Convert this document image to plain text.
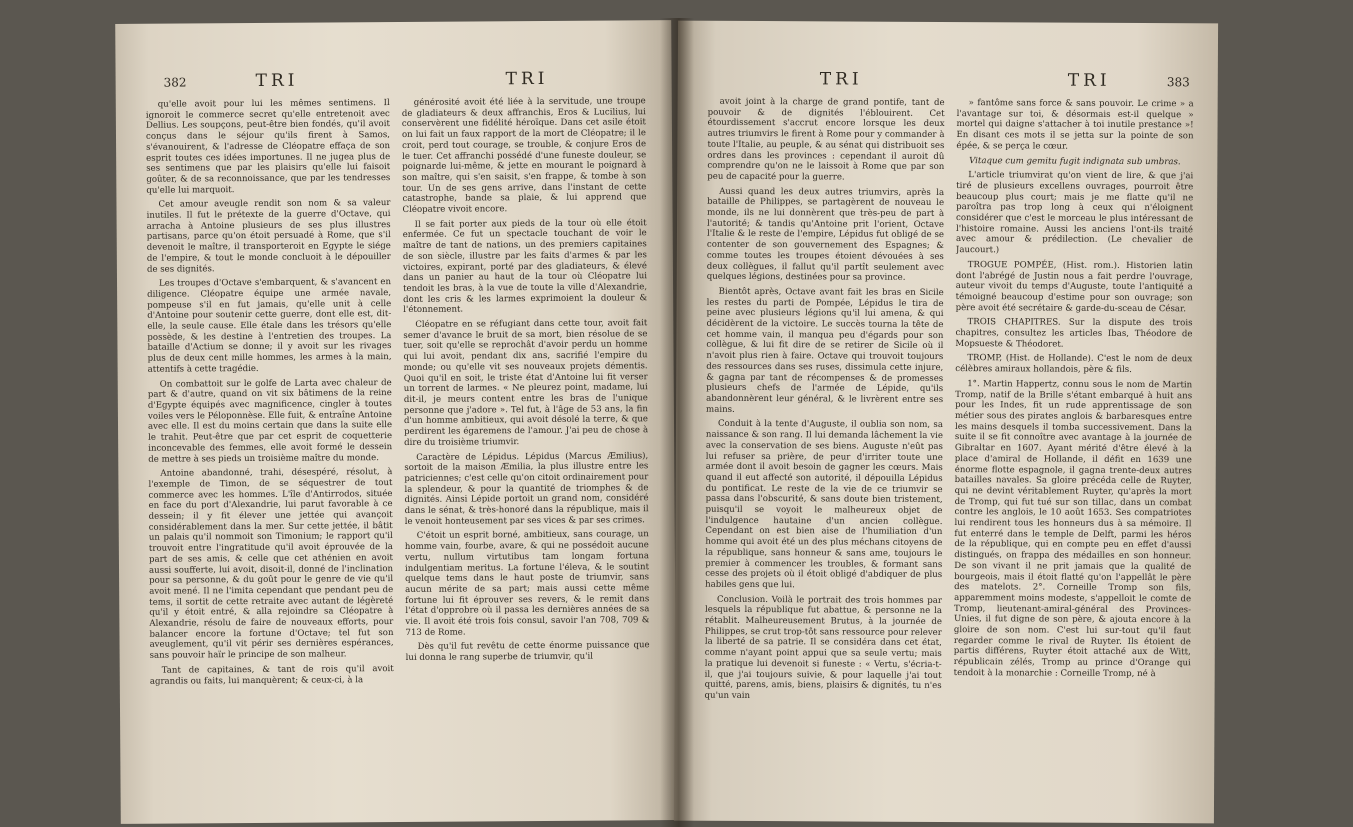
382	TRI	TRI

qu'elle avoit pour lui les mêmes sentimens. Il ignoroit le commerce secret qu'elle entretenoit avec Dellius. Les soupçons, peut-être bien fondés, qu'il avoit conçus dans le séjour qu'ils firent à Samos, s'évanouirent, & l'adresse de Cléopatre effaça de son esprit toutes ces idées importunes. Il ne jugea plus de ses sentimens que par les plaisirs qu'elle lui faisoit goûter, & de sa reconnoissance, que par les tendresses qu'elle lui marquoit.

Cet amour aveugle rendit son nom & sa valeur inutiles. Il fut le prétexte de la guerre d'Octave, qui arracha à Antoine plusieurs de ses plus illustres partisans, parce qu'on étoit persuadé à Rome, que s'il devenoit le maître, il transporteroit en Egypte le siége de l'empire, & tout le monde concluoit à le dépouiller de ses dignités.

Les troupes d'Octave s'embarquent, & s'avancent en diligence. Cléopatre équipe une armée navale, pompeuse s'il en fut jamais, qu'elle unit à celle d'Antoine pour soutenir cette guerre, dont elle est, dit-elle, la seule cause. Elle étale dans les trésors qu'elle possède, & les destine à l'entretien des troupes. La bataille d'Actium se donne; il y avoit sur les rivages plus de deux cent mille hommes, les armes à la main, attentifs à cette tragédie.

On combattoit sur le golfe de Larta avec chaleur de part & d'autre, quand on vit six bâtimens de la reine d'Egypte équipés avec magnificence, cingler à toutes voiles vers le Péloponnèse. Elle fuit, & entraîne Antoine avec elle. Il est du moins certain que dans la suite elle le trahit. Peut-être que par cet esprit de coquetterie inconcevable des femmes, elle avoit formé le dessein de mettre à ses pieds un troisième maître du monde.

Antoine abandonné, trahi, désespéré, résolut, à l'exemple de Timon, de se séquestrer de tout commerce avec les hommes. L'île d'Antirrodos, située en face du port d'Alexandrie, lui parut favorable à ce dessein; il y fit élever une jettée qui avançoit considérablement dans la mer. Sur cette jettée, il bâtit un palais qu'il nommoit son Timonium; le rapport qu'il trouvoit entre l'ingratitude qu'il avoit éprouvée de la part de ses amis, & celle que cet athénien en avoit aussi soufferte, lui avoit, disoit-il, donné de l'inclination pour sa personne, & du goût pour le genre de vie qu'il avoit mené. Il ne l'imita cependant que pendant peu de tems, il sortit de cette retraite avec autant de légèreté qu'il y étoit entré, & alla rejoindre sa Cléopatre à Alexandrie, résolu de faire de nouveaux efforts, pour balancer encore la fortune d'Octave; tel fut son aveuglement, qu'il vit périr ses dernières espérances, sans pouvoir haïr le principe de son malheur.

Tant de capitaines, & tant de rois qu'il avoit agrandis ou faits, lui manquèrent; & ceux-ci, à la

générosité avoit été liée à la servitude, une troupe de gladiateurs & deux affranchis, Eros & Lucilius, lui conservèrent une fidélité héroïque. Dans cet asile étoit on lui fait un faux rapport de la mort de Cléopatre; il le croit, perd tout courage, se trouble, & conjure Eros de le tuer. Cet affranchi possédé d'une funeste douleur, se poignarde lui-même, & jette en mourant le poignard à son maître, qui s'en saisit, s'en frappe, & tombe à son tour. Un de ses gens arrive, dans l'instant de cette catastrophe, bande sa plaie, & lui apprend que Cléopatre vivoit encore.

Il se fait porter aux pieds de la tour où elle étoit enfermée. Ce fut un spectacle touchant de voir le maître de tant de nations, un des premiers capitaines de son siècle, illustre par les faits d'armes & par les victoires, expirant, porté par des gladiateurs, & élevé dans un panier au haut de la tour où Cléopatre lui tendoit les bras, à la vue de toute la ville d'Alexandrie, dont les cris & les larmes exprimoient la douleur & l'étonnement.

Cléopatre en se réfugiant dans cette tour, avoit fait semer d'avance le bruit de sa mort, bien résolue de se tuer, soit qu'elle se reprochât d'avoir perdu un homme qui lui avoit, pendant dix ans, sacrifié l'empire du monde; ou qu'elle vit ses nouveaux projets démentis. Quoi qu'il en soit, le triste état d'Antoine lui fit verser un torrent de larmes. « Ne pleurez point, madame, lui dit-il, je meurs content entre les bras de l'unique personne que j'adore ». Tel fut, à l'âge de 53 ans, la fin d'un homme ambitieux, qui avoit désolé la terre, & que perdirent les égaremens de l'amour. J'ai peu de chose à dire du troisième triumvir.

Caractère de Lépidus. Lépidus (Marcus Æmilius), sortoit de la maison Æmilia, la plus illustre entre les patriciennes; c'est celle qu'on citoit ordinairement pour la splendeur, & pour la quantité de triomphes & de dignités. Ainsi Lépide portoit un grand nom, considéré dans le sénat, & très-honoré dans la république, mais il le venoit honteusement par ses vices & par ses crimes.

C'étoit un esprit borné, ambitieux, sans courage, un homme vain, fourbe, avare, & qui ne possédoit aucune vertu, nullum virtutibus tam longam fortuna indulgentiam meritus. La fortune l'éleva, & le soutint quelque tems dans le haut poste de triumvir, sans aucun mérite de sa part; mais aussi cette même fortune lui fit éprouver ses revers, & le remit dans l'état d'opprobre où il passa les dernières années de sa vie. Il avoit été trois fois consul, savoir l'an 708, 709 & 713 de Rome.

Dès qu'il fut revêtu de cette énorme puissance que lui donna le rang superbe de triumvir, qu'il

TRI	TRI	383

avoit joint à la charge de grand pontife, tant de pouvoir & de dignités l'éblouirent. Cet étourdissement s'accrut encore lorsque les deux autres triumvirs le firent à Rome pour y commander à toute l'Italie, au peuple, & au sénat qui distribuoit ses ordres dans les provinces : cependant il auroit dû comprendre qu'on ne le laissoit à Rome que par son peu de capacité pour la guerre.

Aussi quand les deux autres triumvirs, après la bataille de Philippes, se partagèrent de nouveau le monde, ils ne lui donnèrent que très-peu de part à l'autorité; & tandis qu'Antoine prit l'orient, Octave l'Italie & le reste de l'empire, Lépidus fut obligé de se contenter de son gouvernement des Espagnes; & comme toutes les troupes étoient dévouées à ses deux collègues, il fallut qu'il partît seulement avec quelques légions, destinées pour sa province.

Bientôt après, Octave avant fait les bras en Sicile les restes du parti de Pompée, Lépidus le tira de peine avec plusieurs légions qu'il lui amena, & qui décidèrent de la victoire. Le succès tourna la tête de cet homme vain, il manqua peu d'égards pour son collègue, & lui fit dire de se retirer de Sicile où il n'avoit plus rien à faire. Octave qui trouvoit toujours des ressources dans ses ruses, dissimula cette injure, & gagna par tant de récompenses & de promesses plusieurs chefs de l'armée de Lépide, qu'ils abandonnèrent leur général, & le livrèrent entre ses mains.

Conduit à la tente d'Auguste, il oublia son nom, sa naissance & son rang. Il lui demanda lâchement la vie avec la conservation de ses biens. Auguste n'eût pas lui refuser sa prière, de peur d'irriter toute une armée dont il avoit besoin de gagner les cœurs. Mais quand il eut affecté son autorité, il dépouilla Lépidus du pontificat. Le reste de la vie de ce triumvir se passa dans l'obscurité, & sans doute bien tristement, puisqu'il se voyoit le malheureux objet de l'indulgence hautaine d'un ancien collègue. Cependant on est bien aise de l'humiliation d'un homme qui avoit été un des plus méchans citoyens de la république, sans honneur & sans ame, toujours le premier à commencer les troubles, & formant sans cesse des projets où il étoit obligé d'abdiquer de plus habiles gens que lui.

Conclusion. Voilà le portrait des trois hommes par lesquels la république fut abattue, & personne ne la rétablit. Malheureusement Brutus, à la journée de Philippes, se crut trop-tôt sans ressource pour relever la liberté de sa patrie. Il se considéra dans cet état, comme n'ayant point appui que sa seule vertu; mais la pratique lui devenoit si funeste : « Vertu, s'écria-t-il, que j'ai toujours suivie, & pour laquelle j'ai tout quitté, parens, amis, biens, plaisirs & dignités, tu n'es qu'un vain

» fantôme sans force & sans pouvoir. Le crime » a l'avantage sur toi, & désormais est-il quelque » mortel qui daigne s'attacher à toi inutile prestance »! En disant ces mots il se jetta sur la pointe de son épée, & se perça le cœur.

Vitaque cum gemitu fugit indignata sub umbras.

L'article triumvirat qu'on vient de lire, & que j'ai tiré de plusieurs excellens ouvrages, pourroit être beaucoup plus court; mais je me flatte qu'il ne paroîtra pas trop long à ceux qui n'éloignent considérer que c'est le morceau le plus intéressant de l'histoire romaine. Aussi les anciens l'ont-ils traité avec amour & prédilection. (Le chevalier de Jaucourt.)

TROGUE POMPÉE, (Hist. rom.). Historien latin dont l'abrégé de Justin nous a fait perdre l'ouvrage, auteur vivoit du temps d'Auguste, toute l'antiquité a témoigné beaucoup d'estime pour son ouvrage; son père avoit été secrétaire & garde-du-sceau de César.

TROIS CHAPITRES. Sur la dispute des trois chapitres, consultez les articles Ibas, Théodore de Mopsueste & Théodoret.

TROMP, (Hist. de Hollande). C'est le nom de deux célèbres amiraux hollandois, père & fils.

1°. Martin Happertz, connu sous le nom de Martin Tromp, natif de la Brille s'étant embarqué à huit ans pour les Indes, fit un rude apprentissage de son métier sous des pirates anglois & barbaresques entre les mains desquels il tomba successivement. Dans la suite il se fit connoître avec avantage à la journée de Gibraltar en 1607. Ayant mérité d'être élevé à la place d'amiral de Hollande, il défit en 1639 une énorme flotte espagnole, il gagna trente-deux autres batailles navales. Sa gloire précéda celle de Ruyter, qui ne devint véritablement Ruyter, qu'après la mort de Tromp, qui fut tué sur son tillac, dans un combat contre les anglois, le 10 août 1653. Ses compatriotes lui rendirent tous les honneurs dus à sa mémoire. Il fut enterré dans le temple de Delft, parmi les héros de la république, qui en compte peu en effet d'aussi distingués, on frappa des médailles en son honneur. De son vivant il ne prit jamais que la qualité de bourgeois, mais il étoit flatté qu'on l'appellât le père des matelots. 2°. Corneille Tromp son fils, apparemment moins modeste, s'appelloit le comte de Tromp, lieutenant-amiral-général des Provinces-Unies, il fut digne de son père, & ajouta encore à la gloire de son nom. C'est lui sur-tout qu'il faut regarder comme le rival de Ruyter. Ils étoient de partis différens, Ruyter étoit attaché aux de Witt, républicain zélés, Tromp au prince d'Orange qui tendoit à la monarchie : Corneille Tromp, né à
